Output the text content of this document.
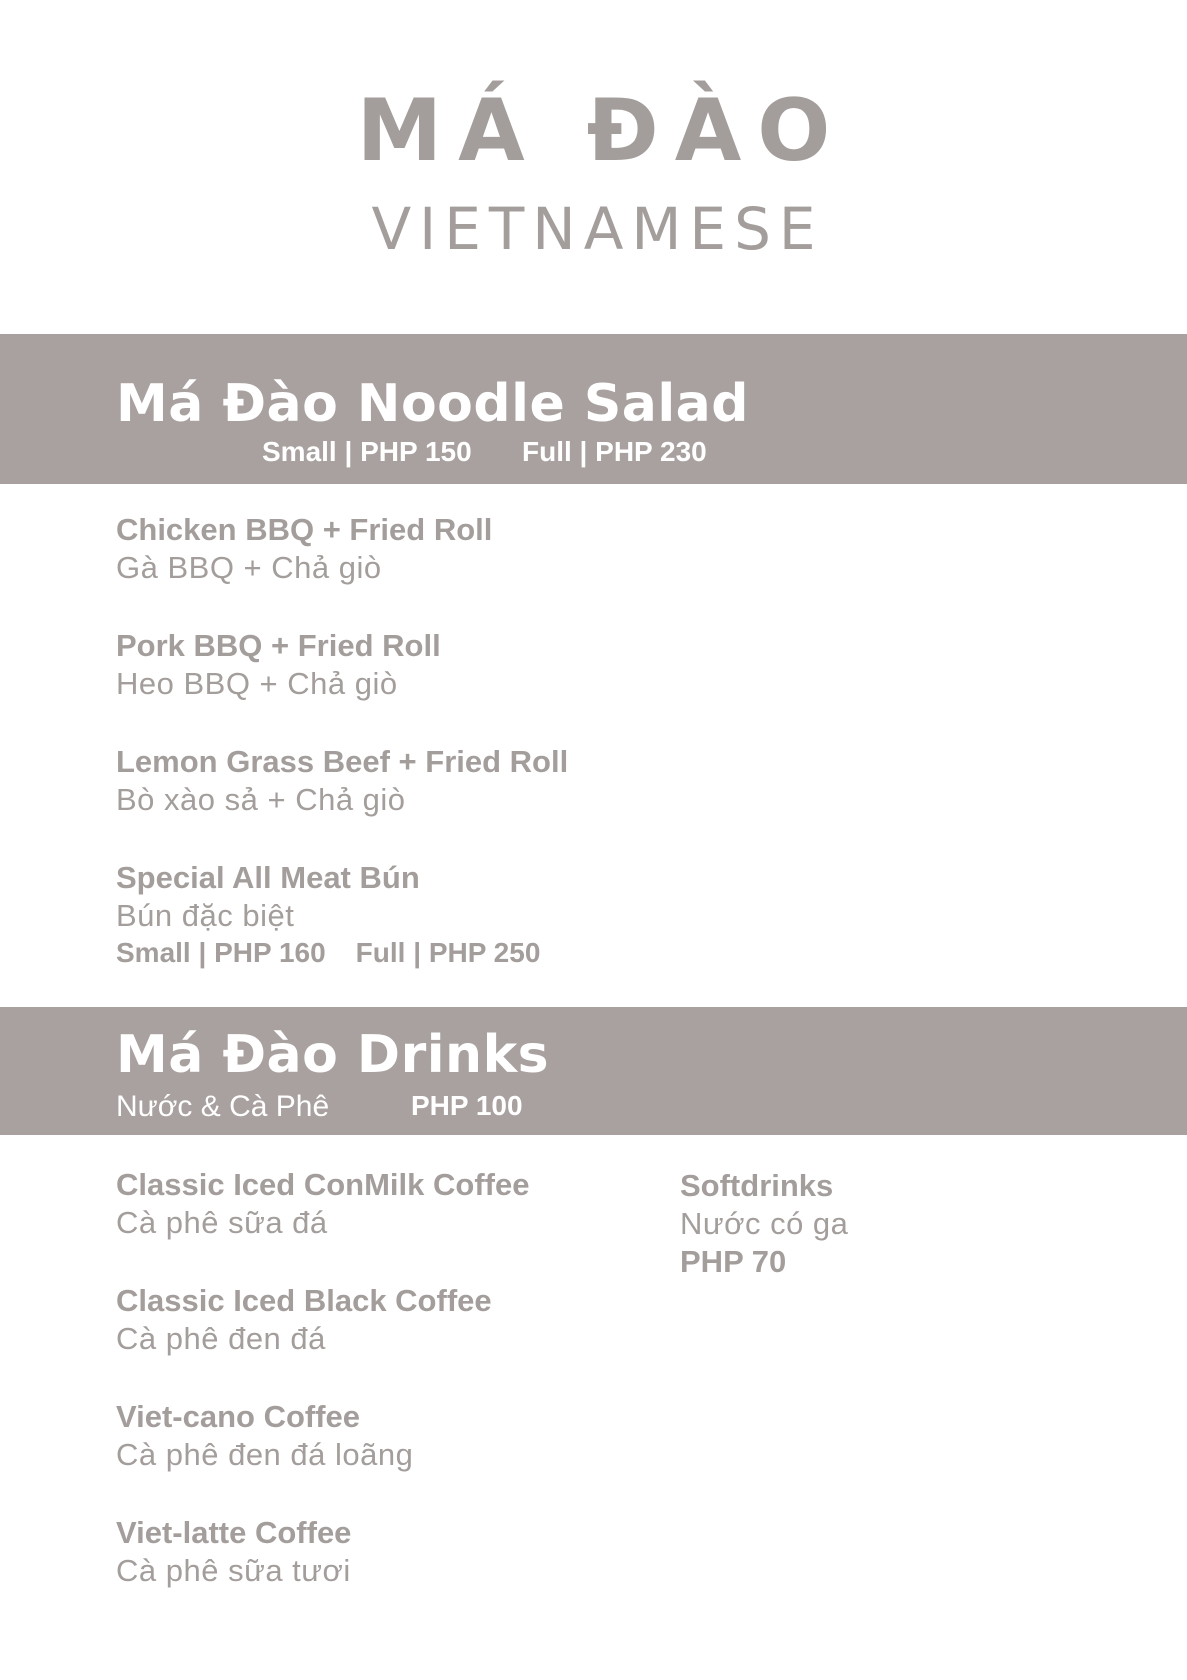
MÁ ĐÀO
VIETNAMESE
Má Đào Noodle Salad
Small | PHP 150 Full | PHP 230
Chicken BBQ + Fried Roll
Gà BBQ + Chả giò
Pork BBQ + Fried Roll
Heo BBQ + Chả giò
Lemon Grass Beef + Fried Roll
Bò xào sả + Chả giò
Special All Meat Bún
Bún đặc biệt
Small | PHP 160 Full | PHP 250
Má Đào Drinks
Nước & Cà Phê	PHP 100
Classic Iced ConMilk Coffee
Cà phê sữa đá
Classic Iced Black Coffee
Cà phê đen đá
Viet-cano Coffee
Cà phê đen đá loãng
Viet-latte Coffee
Cà phê sữa tươi
Softdrinks
Nước có ga
PHP 70
